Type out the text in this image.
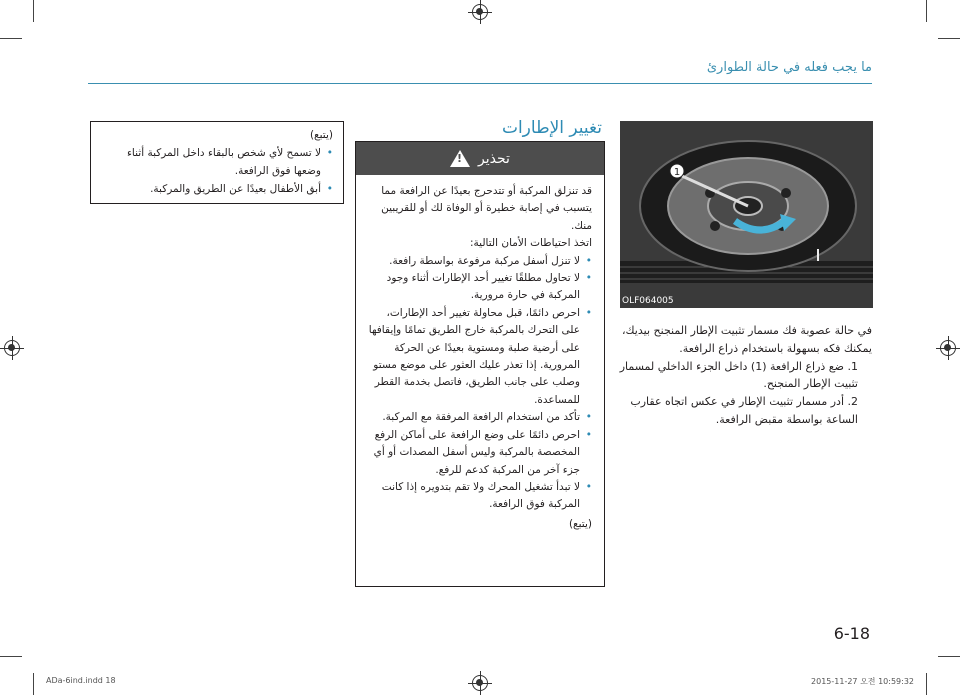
ما يجب فعله في حالة الطوارئ
1
OLF064005

في حالة عصوبة فك مسمار تثبيت الإطار المنجنح بيديك، يمكنك فكه بسهولة باستخدام ذراع الرافعة.

1. ضع ذراع الرافعة (1) داخل الجزء الداخلي لمسمار تثبيت الإطار المنجنح.

2. أدر مسمار تثبيت الإطار في عكس اتجاه عقارب الساعة بواسطة مقبض الرافعة.

تغيير الإطارات
تحذير
!

قد تنزلق المركبة أو تتدحرج بعيدًا عن الرافعة مما يتسبب في إصابة خطيرة أو الوفاة لك أو للقريبين منك.

اتخذ احتياطات الأمان التالية:

• لا تنزل أسفل مركبة مرفوعة بواسطة رافعة.
• لا تحاول مطلقًا تغيير أحد الإطارات أثناء وجود المركبة في حارة مرورية.
• احرص دائمًا، قبل محاولة تغيير أحد الإطارات، على التحرك بالمركبة خارج الطريق تمامًا وإيقافها على أرضية صلبة ومستوية بعيدًا عن الحركة المرورية. إذا تعذر عليك العثور على موضع مستو وصلب على جانب الطريق، فاتصل بخدمة القطر للمساعدة.
• تأكد من استخدام الرافعة المرفقة مع المركبة.
• احرص دائمًا على وضع الرافعة على أماكن الرفع المخصصة بالمركبة وليس أسفل المصدات أو أي جزء آخر من المركبة كدعم للرفع.
• لا تبدأ تشغيل المحرك ولا تقم بتدويره إذا كانت المركبة فوق الرافعة.

(يتبع)

(يتبع)
• لا تسمح لأي شخص بالبقاء داخل المركبة أثناء وضعها فوق الرافعة.
• أبق الأطفال بعيدًا عن الطريق والمركبة.
6-18
ADa-6ind.indd 18	2015-11-27 오전 10:59:32
